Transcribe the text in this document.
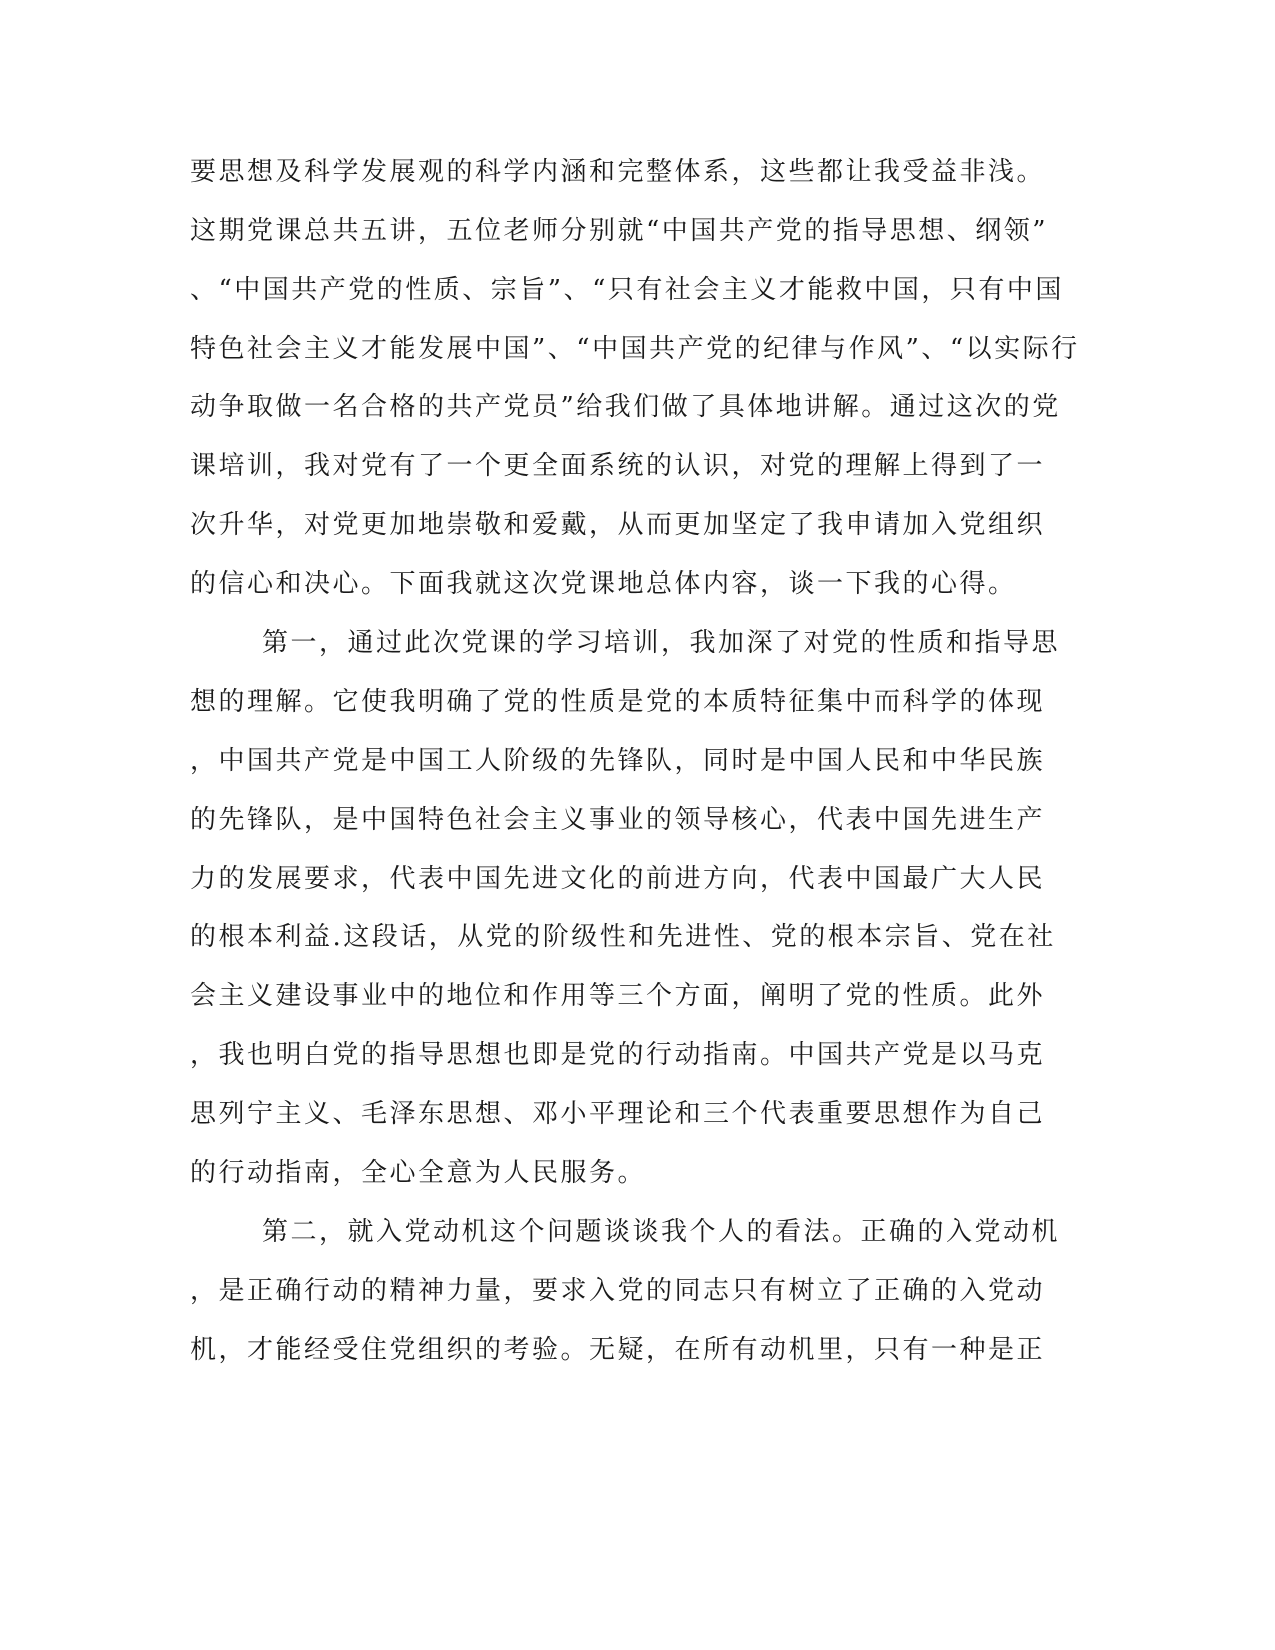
要思想及科学发展观的科学内涵和完整体系，这些都让我受益非浅。
这期党课总共五讲，五位老师分别就“中国共产党的指导思想、纲领”
、“中国共产党的性质、宗旨”、“只有社会主义才能救中国，只有中国
特色社会主义才能发展中国”、“中国共产党的纪律与作风”、“以实际行
动争取做一名合格的共产党员”给我们做了具体地讲解。通过这次的党
课培训，我对党有了一个更全面系统的认识，对党的理解上得到了一
次升华，对党更加地崇敬和爱戴，从而更加坚定了我申请加入党组织
的信心和决心。下面我就这次党课地总体内容，谈一下我的心得。
第一，通过此次党课的学习培训，我加深了对党的性质和指导思
想的理解。它使我明确了党的性质是党的本质特征集中而科学的体现
，中国共产党是中国工人阶级的先锋队，同时是中国人民和中华民族
的先锋队，是中国特色社会主义事业的领导核心，代表中国先进生产
力的发展要求，代表中国先进文化的前进方向，代表中国最广大人民
的根本利益.这段话，从党的阶级性和先进性、党的根本宗旨、党在社
会主义建设事业中的地位和作用等三个方面，阐明了党的性质。此外
，我也明白党的指导思想也即是党的行动指南。中国共产党是以马克
思列宁主义、毛泽东思想、邓小平理论和三个代表重要思想作为自己
的行动指南，全心全意为人民服务。
第二，就入党动机这个问题谈谈我个人的看法。正确的入党动机
，是正确行动的精神力量，要求入党的同志只有树立了正确的入党动
机，才能经受住党组织的考验。无疑，在所有动机里，只有一种是正
